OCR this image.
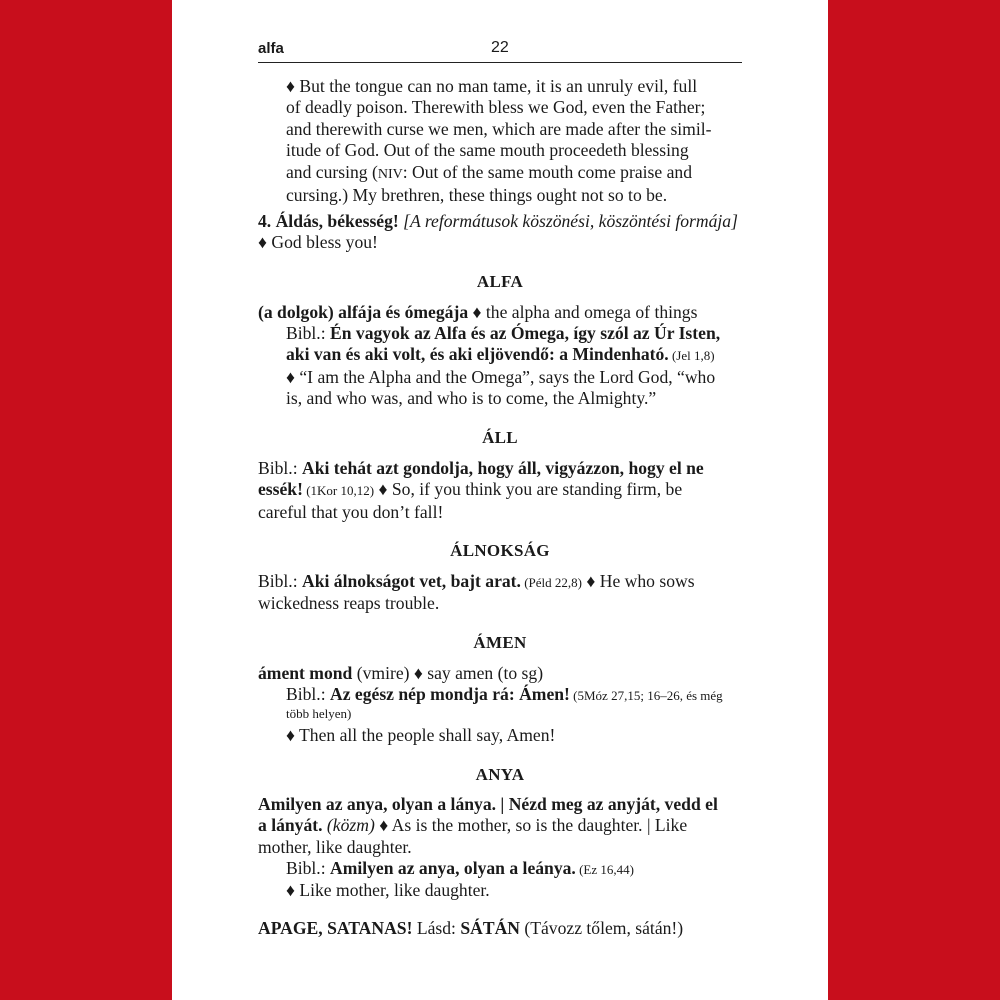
alfa	22
♦ But the tongue can no man tame, it is an unruly evil, full
of deadly poison. Therewith bless we God, even the Father;
and therewith curse we men, which are made after the simil-
itude of God. Out of the same mouth proceedeth blessing
and cursing (NIV: Out of the same mouth come praise and
cursing.) My brethren, these things ought not so to be.
4. Áldás, békesség! [A reformátusok köszönési, köszöntési formája]
♦ God bless you!
ALFA
(a dolgok) alfája és ómegája ♦ the alpha and omega of things
Bibl.: Én vagyok az Alfa és az Ómega, így szól az Úr Isten,
aki van és aki volt, és aki eljövendő: a Mindenható. (Jel 1,8)
♦ “I am the Alpha and the Omega”, says the Lord God, “who
is, and who was, and who is to come, the Almighty.”
ÁLL
Bibl.: Aki tehát azt gondolja, hogy áll, vigyázzon, hogy el ne
essék! (1Kor 10,12) ♦ So, if you think you are standing firm, be
careful that you don’t fall!
ÁLNOKSÁG
Bibl.: Aki álnokságot vet, bajt arat. (Péld 22,8) ♦ He who sows
wickedness reaps trouble.
ÁMEN
áment mond (vmire) ♦ say amen (to sg)
Bibl.: Az egész nép mondja rá: Ámen! (5Móz 27,15; 16–26, és még
több helyen)
♦ Then all the people shall say, Amen!
ANYA
Amilyen az anya, olyan a lánya. | Nézd meg az anyját, vedd el
a lányát. (közm) ♦ As is the mother, so is the daughter. | Like
mother, like daughter.
Bibl.: Amilyen az anya, olyan a leánya. (Ez 16,44)
♦ Like mother, like daughter.
APAGE, SATANAS! Lásd: SÁTÁN (Távozz tőlem, sátán!)
